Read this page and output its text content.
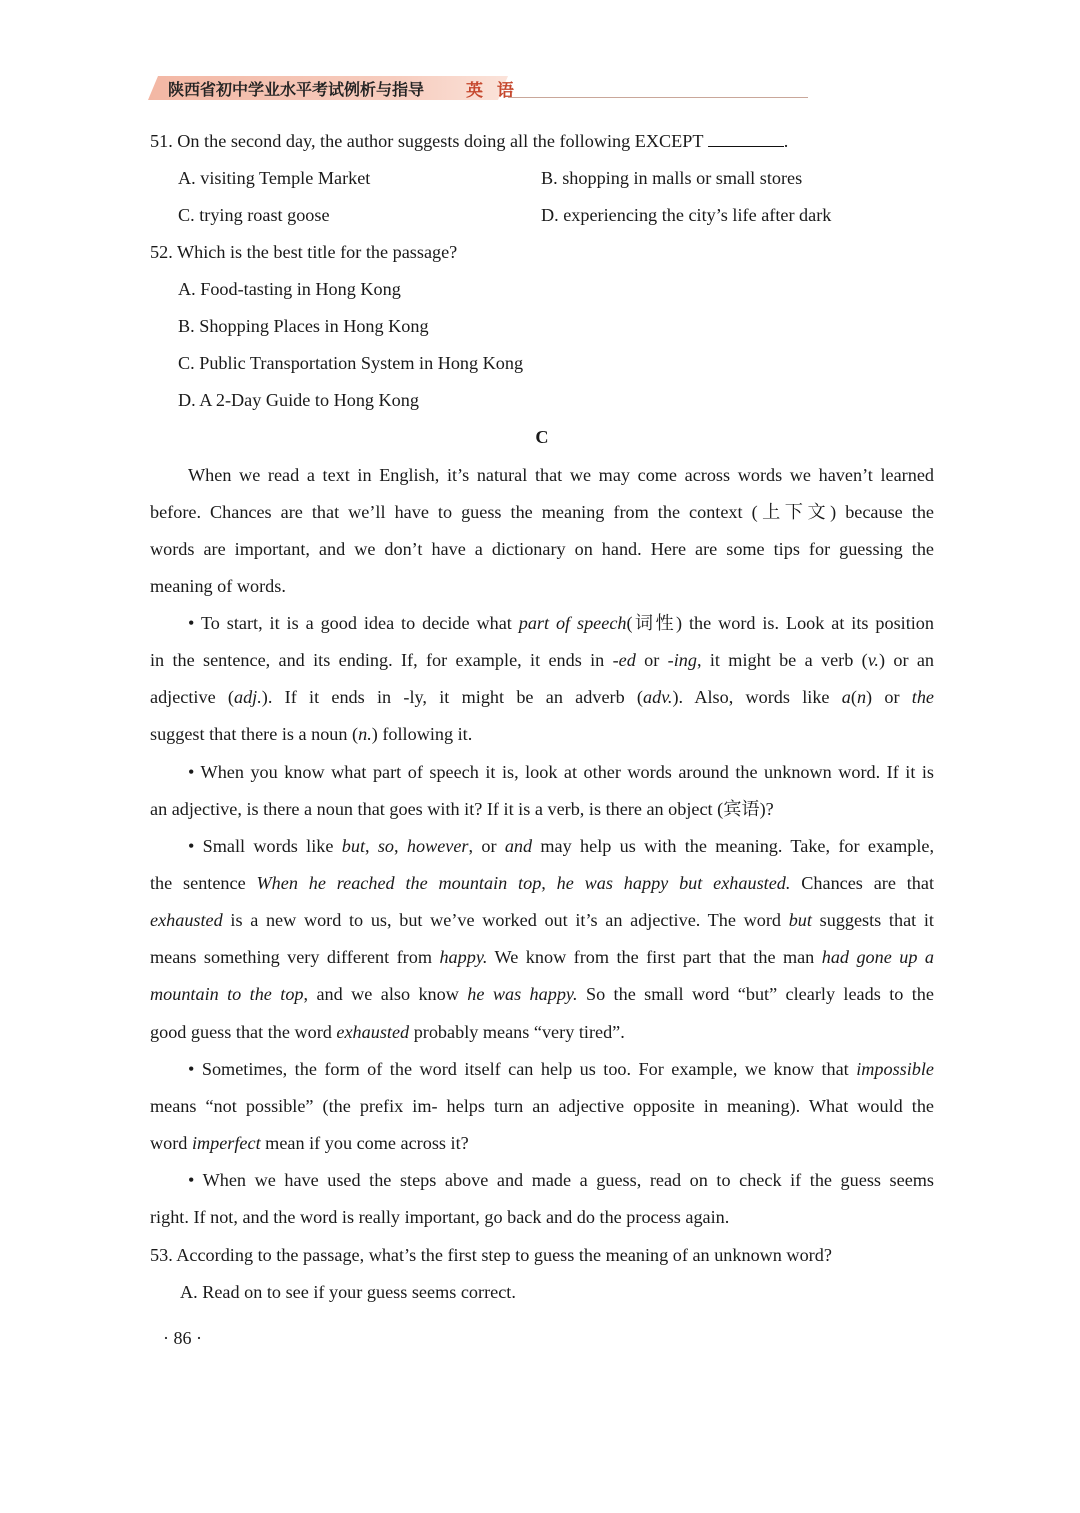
陕西省初中学业水平考试例析与指导 英 语
51. On the second day, the author suggests doing all the following EXCEPT	.
A. visiting Temple Market	B. shopping in malls or small stores
C. trying roast goose	D. experiencing the city’s life after dark
52. Which is the best title for the passage?
A. Food-tasting in Hong Kong
B. Shopping Places in Hong Kong
C. Public Transportation System in Hong Kong
D. A 2-Day Guide to Hong Kong
C
When we read a text in English, it’s natural that we may come across words we haven’t learned
before. Chances are that we’ll have to guess the meaning from the context (上下文) because the
words are important, and we don’t have a dictionary on hand. Here are some tips for guessing the
meaning of words.
• To start, it is a good idea to decide what part of speech(词性) the word is. Look at its position
in the sentence, and its ending. If, for example, it ends in -ed or -ing, it might be a verb (v.) or an
adjective (adj.). If it ends in -ly, it might be an adverb (adv.). Also, words like a(n) or the
suggest that there is a noun (n.) following it.
• When you know what part of speech it is, look at other words around the unknown word. If it is
an adjective, is there a noun that goes with it? If it is a verb, is there an object (宾语)?
• Small words like but, so, however, or and may help us with the meaning. Take, for example,
the sentence When he reached the mountain top, he was happy but exhausted. Chances are that
exhausted is a new word to us, but we’ve worked out it’s an adjective. The word but suggests that it
means something very different from happy. We know from the first part that the man had gone up a
mountain to the top, and we also know he was happy. So the small word “but” clearly leads to the
good guess that the word exhausted probably means “very tired”.
• Sometimes, the form of the word itself can help us too. For example, we know that impossible
means “not possible” (the prefix im- helps turn an adjective opposite in meaning). What would the
word imperfect mean if you come across it?
• When we have used the steps above and made a guess, read on to check if the guess seems
right. If not, and the word is really important, go back and do the process again.
53. According to the passage, what’s the first step to guess the meaning of an unknown word?
A. Read on to see if your guess seems correct.
· 86 ·
